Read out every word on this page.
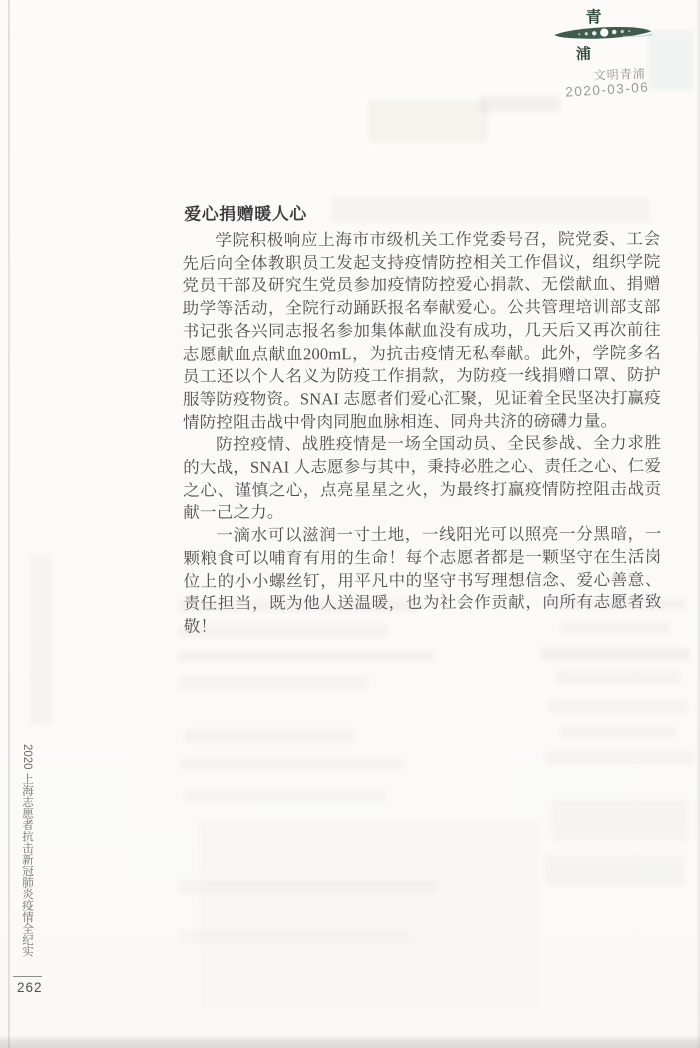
青
浦
文明青浦
2020-03-06
爱心捐赠暖人心

学院积极响应上海市市级机关工作党委号召，院党委、工会先后向全体教职员工发起支持疫情防控相关工作倡议，组织学院党员干部及研究生党员参加疫情防控爱心捐款、无偿献血、捐赠助学等活动，全院行动踊跃报名奉献爱心。公共管理培训部支部书记张各兴同志报名参加集体献血没有成功，几天后又再次前往志愿献血点献血200mL，为抗击疫情无私奉献。此外，学院多名员工还以个人名义为防疫工作捐款，为防疫一线捐赠口罩、防护服等防疫物资。SNAI 志愿者们爱心汇聚，见证着全民坚决打赢疫情防控阻击战中骨肉同胞血脉相连、同舟共济的磅礴力量。

防控疫情、战胜疫情是一场全国动员、全民参战、全力求胜的大战，SNAI 人志愿参与其中，秉持必胜之心、责任之心、仁爱之心、谨慎之心，点亮星星之火，为最终打赢疫情防控阻击战贡献一己之力。

一滴水可以滋润一寸土地，一线阳光可以照亮一分黑暗，一颗粮食可以哺育有用的生命！每个志愿者都是一颗坚守在生活岗位上的小小螺丝钉，用平凡中的坚守书写理想信念、爱心善意、责任担当，既为他人送温暖，也为社会作贡献，向所有志愿者致敬！

2020 上海志愿者抗击新冠肺炎疫情全纪实
262
